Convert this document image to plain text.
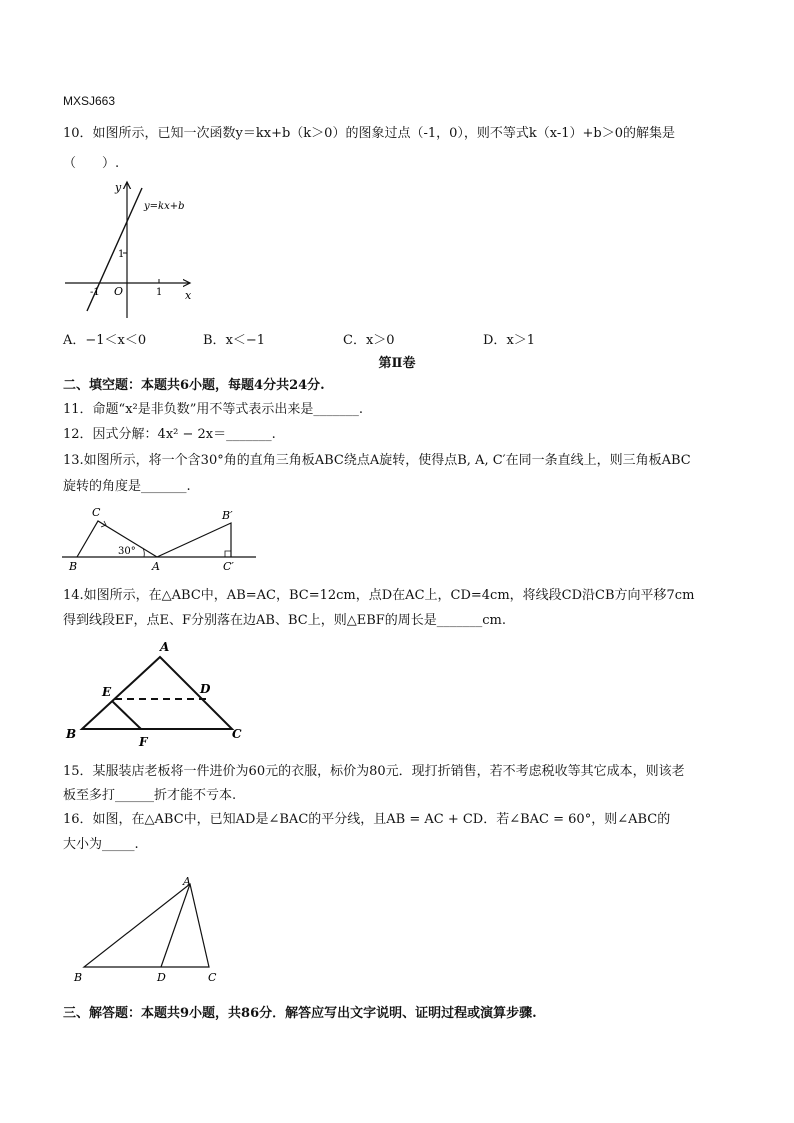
MXSJ663
10．如图所示，已知一次函数y＝kx+b（k＞0）的图象过点（-1，0），则不等式k（x-1）+b＞0的解集是
（　　）.
y
x
O
1
-1	1
y=kx+b
A．−1＜x＜0	B．x＜−1	C．x＞0	D．x＞1
第Ⅱ卷
二、填空题：本题共6小题，每题4分共24分.
11．命题“x²是非负数”用不等式表示出来是_______.
12．因式分解：4x² − 2x＝_______.
13.如图所示，将一个含30°角的直角三角板ABC绕点A旋转，使得点B, A, C′在同一条直线上，则三角板ABC
旋转的角度是_______.
C
B	A
B′
C′
30°
14.如图所示，在△ABC中，AB=AC，BC=12cm，点D在AC上，CD=4cm，将线段CD沿CB方向平移7cm
得到线段EF，点E、F分别落在边AB、BC上，则△EBF的周长是_______cm.
A
E	D
B
F
C
15．某服装店老板将一件进价为60元的衣服，标价为80元．现打折销售，若不考虑税收等其它成本，则该老
板至多打______折才能不亏本.
16．如图，在△ABC中，已知AD是∠BAC的平分线，且AB = AC + CD．若∠BAC = 60°，则∠ABC的
大小为_____.
A
B	D	C
三、解答题：本题共9小题，共86分．解答应写出文字说明、证明过程或演算步骤.
